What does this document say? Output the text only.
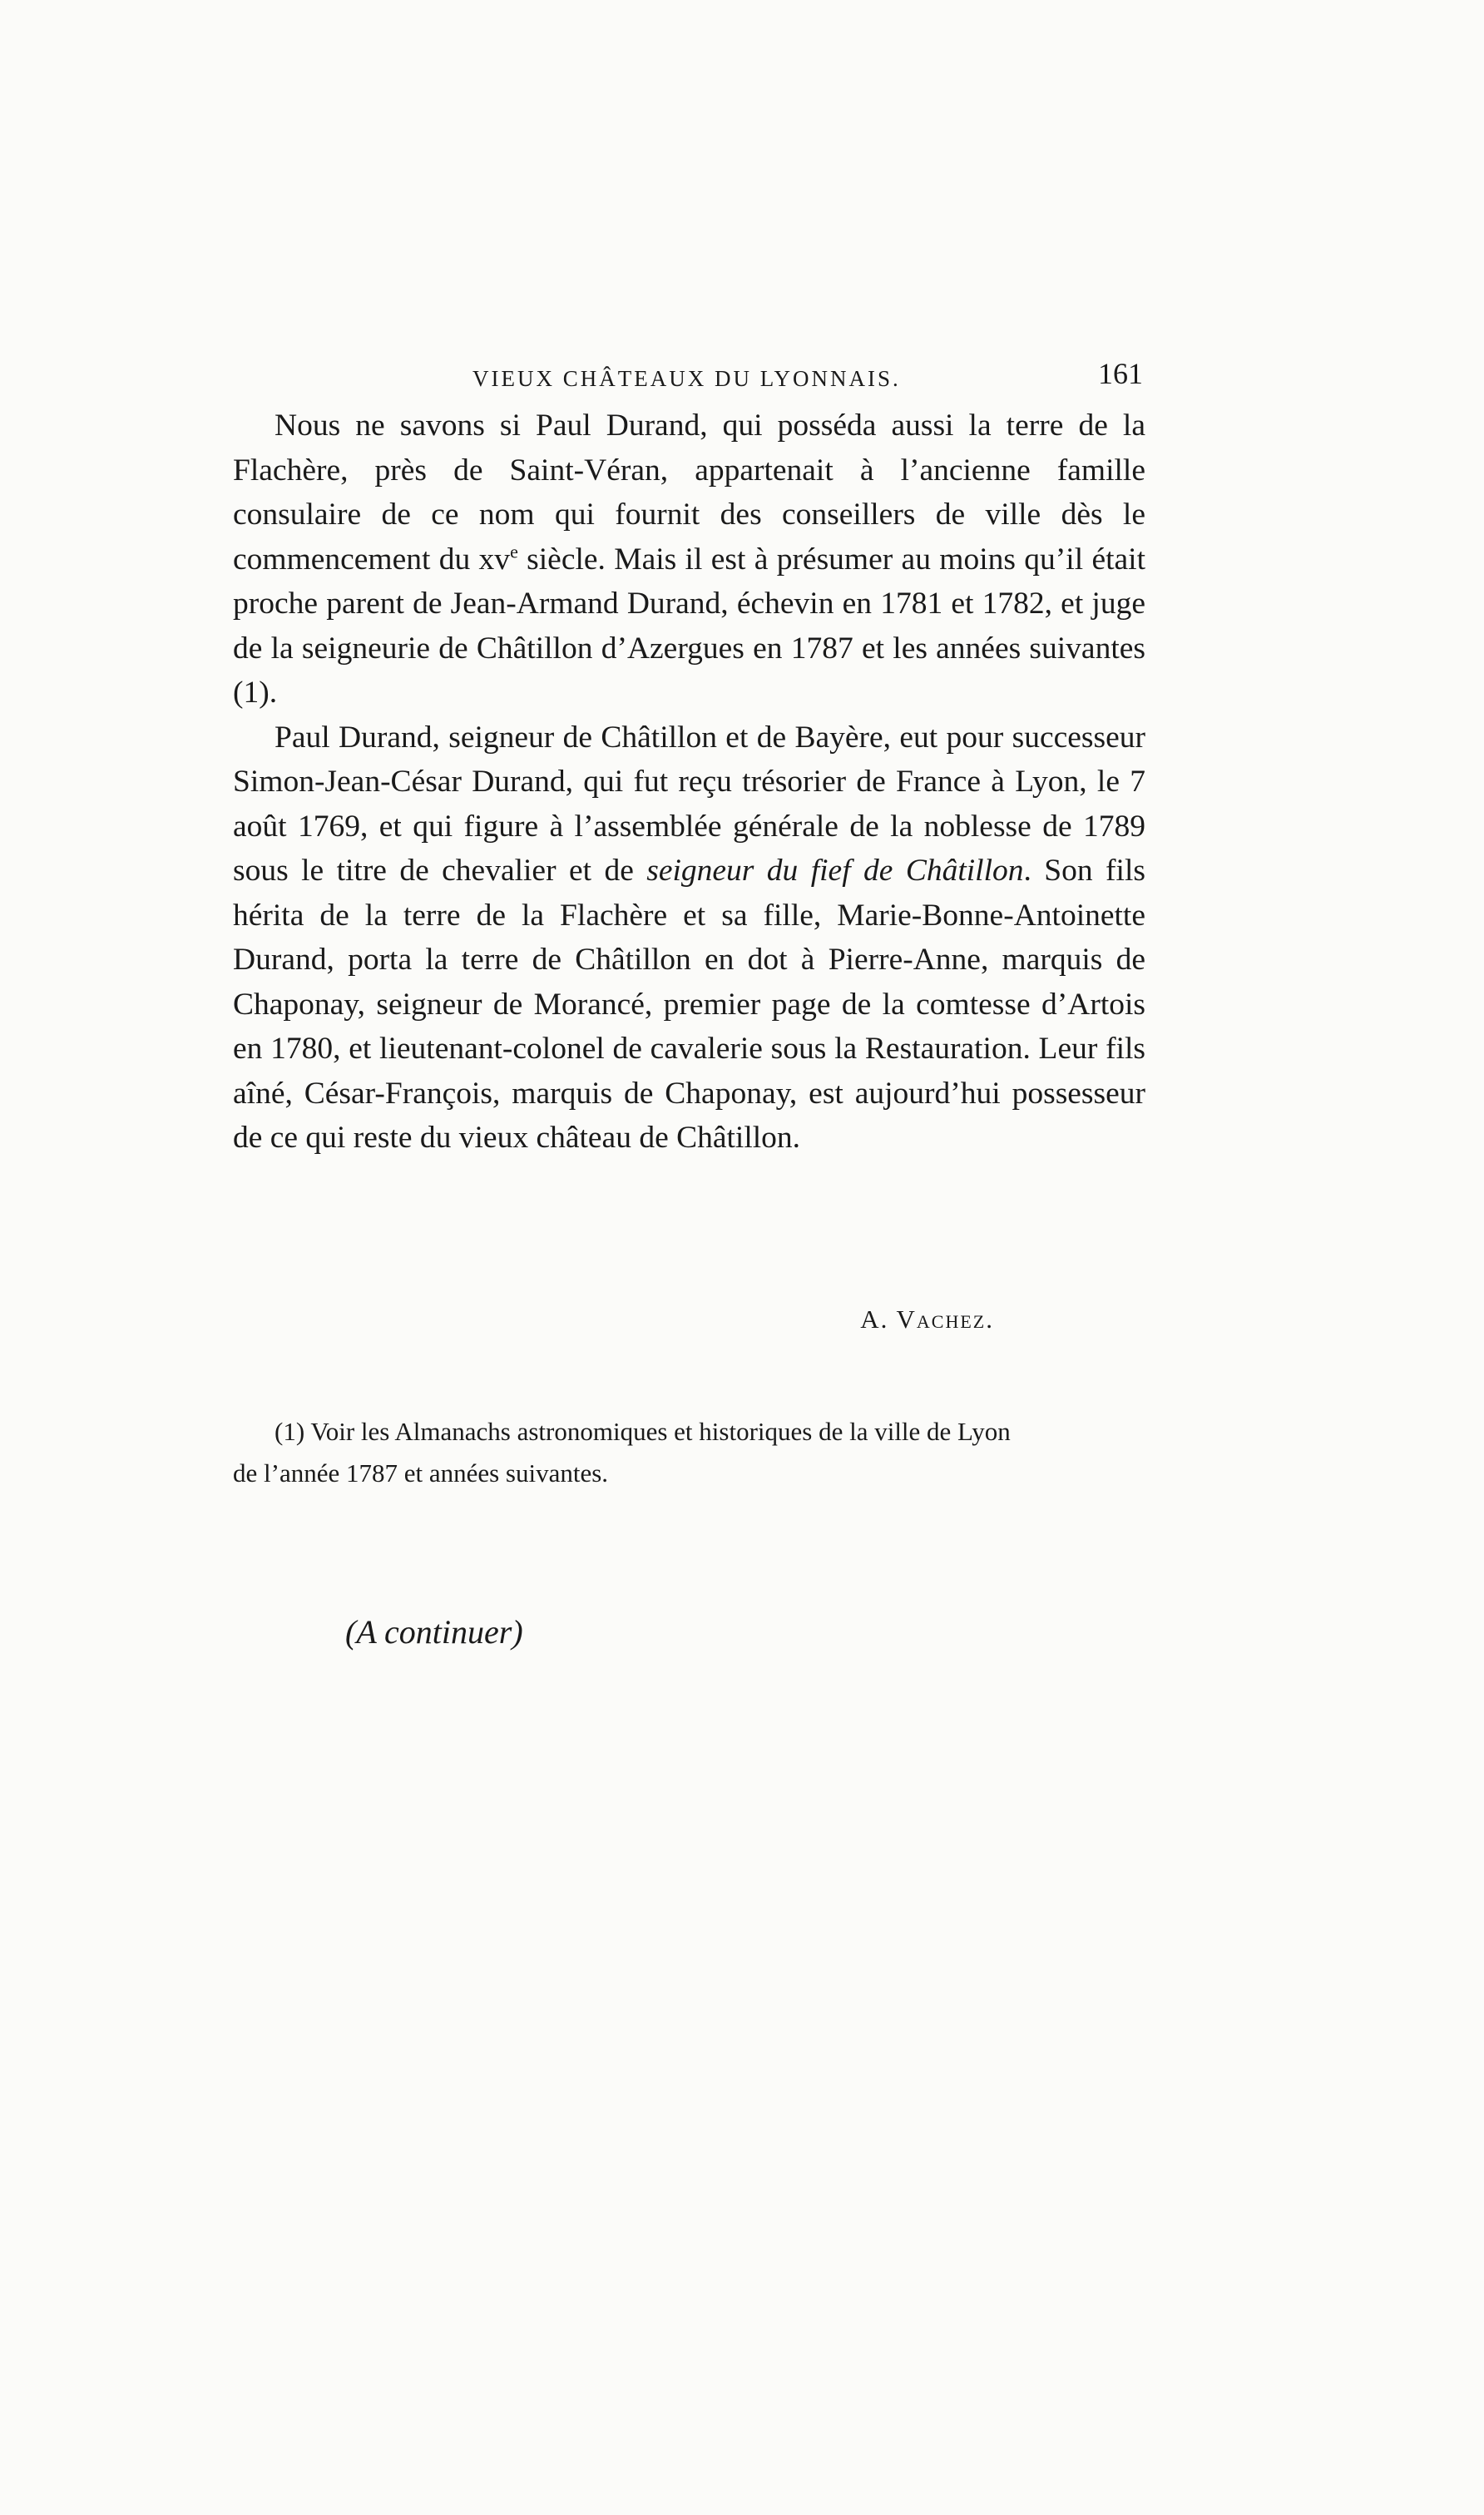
VIEUX CHÂTEAUX DU LYONNAIS.	161

Nous ne savons si Paul Durand, qui posséda aussi la terre de la Flachère, près de Saint-Véran, appartenait à l’ancienne famille consulaire de ce nom qui fournit des conseillers de ville dès le commencement du $xv^e$ siècle. Mais il est à présumer au moins qu’il était proche parent de Jean-Armand Durand, échevin en 1781 et 1782, et juge de la seigneurie de Châtillon d’Azergues en 1787 et les années suivantes (1).

Paul Durand, seigneur de Châtillon et de Bayère, eut pour successeur Simon-Jean-César Durand, qui fut reçu trésorier de France à Lyon, le 7 août 1769, et qui figure à l’assemblée générale de la noblesse de 1789 sous le titre de chevalier et de seigneur du fief de Châtillon. Son fils hérita de la terre de la Flachère et sa fille, Marie-Bonne-Antoinette Durand, porta la terre de Châtillon en dot à Pierre-Anne, marquis de Chaponay, seigneur de Morancé, premier page de la comtesse d’Artois en 1780, et lieutenant-colonel de cavalerie sous la Restauration. Leur fils aîné, César-François, marquis de Chaponay, est aujourd’hui possesseur de ce qui reste du vieux château de Châtillon.

A. Vachez.
(1) Voir les Almanachs astronomiques et historiques de la ville de Lyon
de l’année 1787 et années suivantes.
(A continuer)
